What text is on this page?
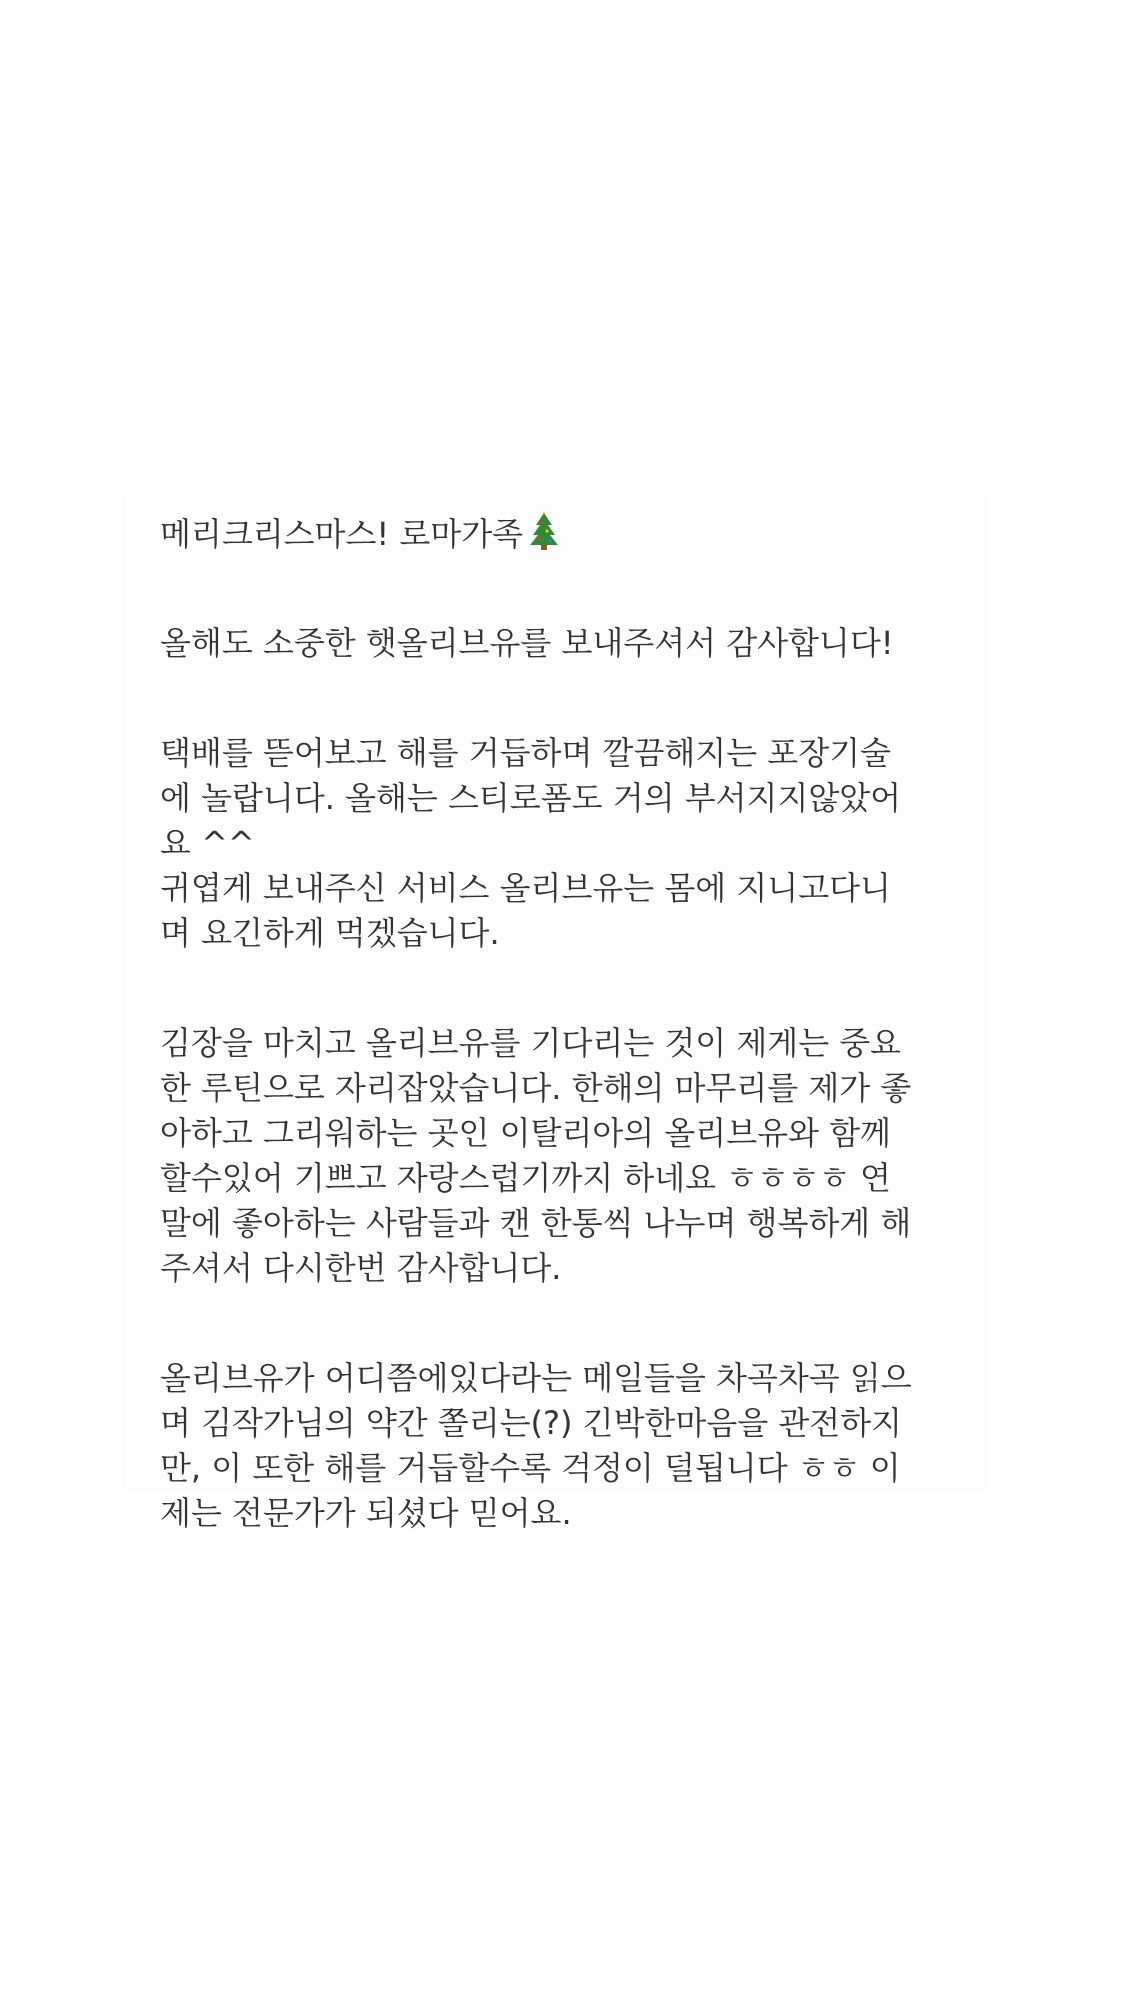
메리크리스마스! 로마가족
올해도 소중한 햇올리브유를 보내주셔서 감사합니다!
택배를 뜯어보고 해를 거듭하며 깔끔해지는 포장기술
에 놀랍니다. 올해는 스티로폼도 거의 부서지지않았어
요 ^^
귀엽게 보내주신 서비스 올리브유는 몸에 지니고다니
며 요긴하게 먹겠습니다.
김장을 마치고 올리브유를 기다리는 것이 제게는 중요
한 루틴으로 자리잡았습니다. 한해의 마무리를 제가 좋
아하고 그리워하는 곳인 이탈리아의 올리브유와 함께
할수있어 기쁘고 자랑스럽기까지 하네요 ㅎㅎㅎㅎ 연
말에 좋아하는 사람들과 캔 한통씩 나누며 행복하게 해
주셔서 다시한번 감사합니다.
올리브유가 어디쯤에있다라는 메일들을 차곡차곡 읽으
며 김작가님의 약간 쫄리는(?) 긴박한마음을 관전하지
만, 이 또한 해를 거듭할수록 걱정이 덜됩니다 ㅎㅎ 이
제는 전문가가 되셨다 믿어요.
